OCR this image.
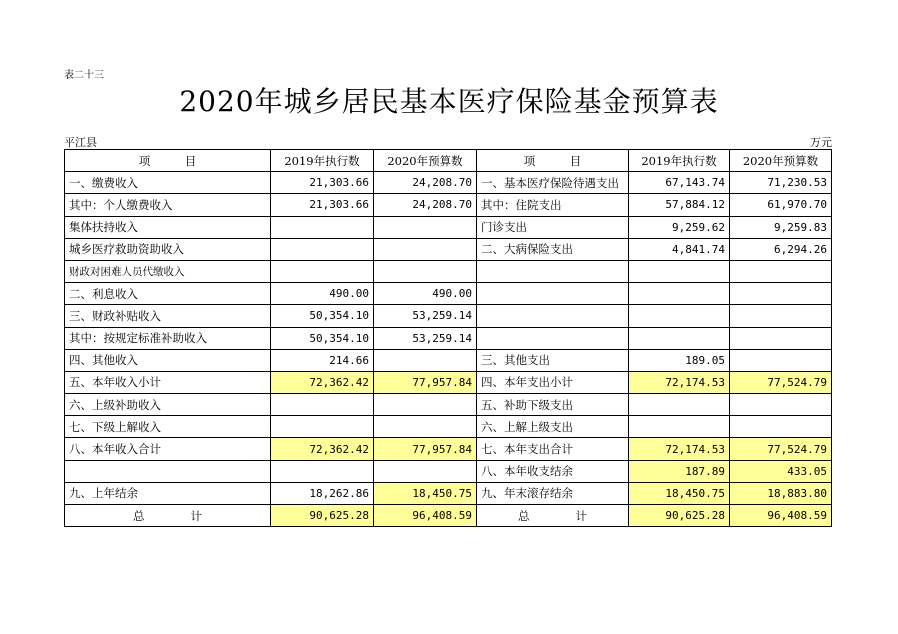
表二十三
2020年城乡居民基本医疗保险基金预算表
平江县	万元
项　　　目	2019年执行数	2020年预算数	项　　　目	2019年执行数	2020年预算数
一、缴费收入	21,303.66	24,208.70	一、基本医疗保险待遇支出	67,143.74	71,230.53
其中：个人缴费收入	21,303.66	24,208.70	其中：住院支出	57,884.12	61,970.70
集体扶持收入			门诊支出	9,259.62	9,259.83
城乡医疗救助资助收入			二、大病保险支出	4,841.74	6,294.26
财政对困难人员代缴收入					
二、利息收入	490.00	490.00			
三、财政补贴收入	50,354.10	53,259.14			
其中：按规定标准补助收入	50,354.10	53,259.14			
四、其他收入	214.66		三、其他支出	189.05	
五、本年收入小计	72,362.42	77,957.84	四、本年支出小计	72,174.53	77,524.79
六、上级补助收入			五、补助下级支出		
七、下级上解收入			六、上解上级支出		
八、本年收入合计	72,362.42	77,957.84	七、本年支出合计	72,174.53	77,524.79
			八、本年收支结余	187.89	433.05
九、上年结余	18,262.86	18,450.75	九、年末滚存结余	18,450.75	18,883.80
总　　　　计	90,625.28	96,408.59	总　　　　计	90,625.28	96,408.59
